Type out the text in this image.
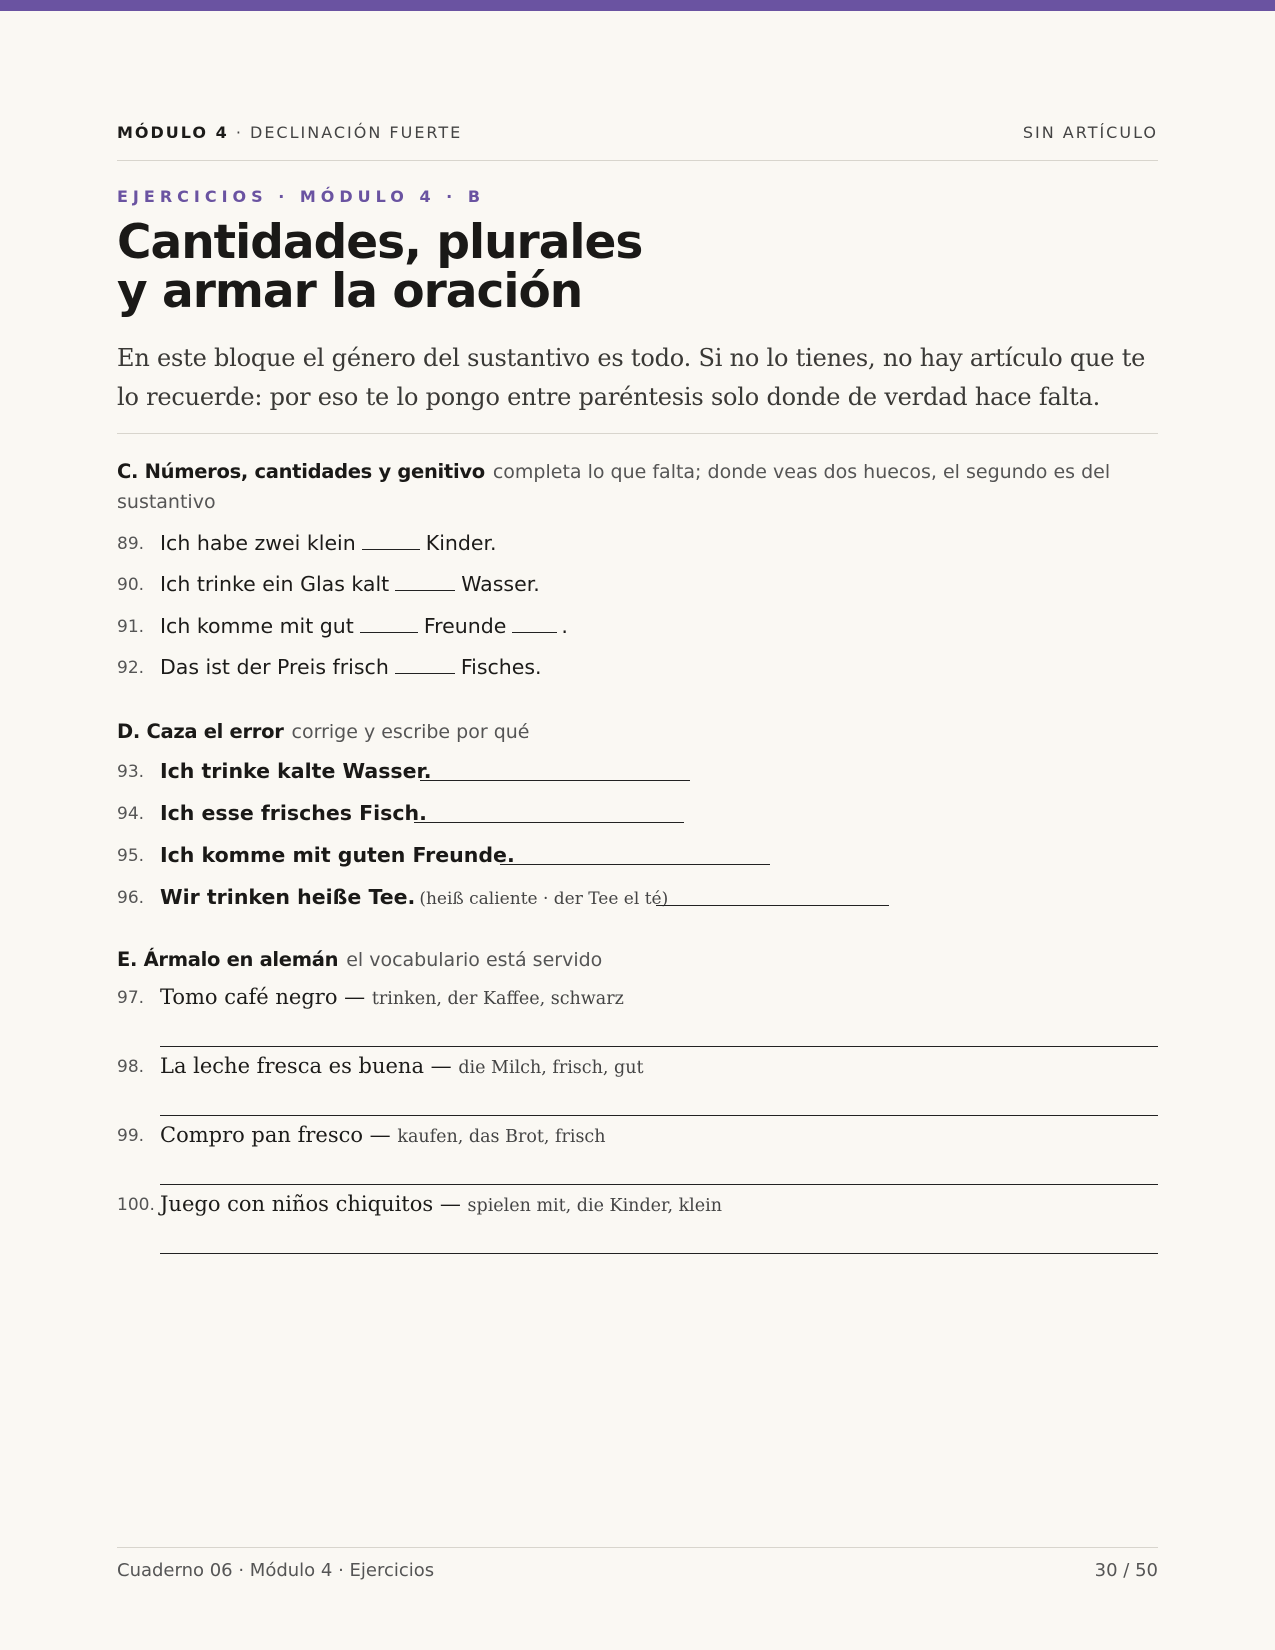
MÓDULO 4 · DECLINACIÓN FUERTE	SIN ARTÍCULO
EJERCICIOS · MÓDULO 4 · B
Cantidades, plurales
y armar la oración

En este bloque el género del sustantivo es todo. Si no lo tienes, no hay artículo que te lo recuerde: por eso te lo pongo entre paréntesis solo donde de verdad hace falta.

C. Números, cantidades y genitivo completa lo que falta; donde veas dos huecos, el segundo es del sustantivo
89. Ich habe zwei klein	Kinder.
90. Ich trinke ein Glas kalt	Wasser.
91. Ich komme mit gut	Freunde	.
92. Das ist der Preis frisch	Fisches.
D. Caza el error corrige y escribe por qué
93. Ich trinke kalte Wasser.
94. Ich esse frisches Fisch.
95. Ich komme mit guten Freunde.
96. Wir trinken heiße Tee. (heiß caliente · der Tee el té)
E. Ármalo en alemán el vocabulario está servido
97. Tomo café negro — trinken, der Kaffee, schwarz
98. La leche fresca es buena — die Milch, frisch, gut
99. Compro pan fresco — kaufen, das Brot, frisch
100. Juego con niños chiquitos — spielen mit, die Kinder, klein
Cuaderno 06 · Módulo 4 · Ejercicios	30 / 50
